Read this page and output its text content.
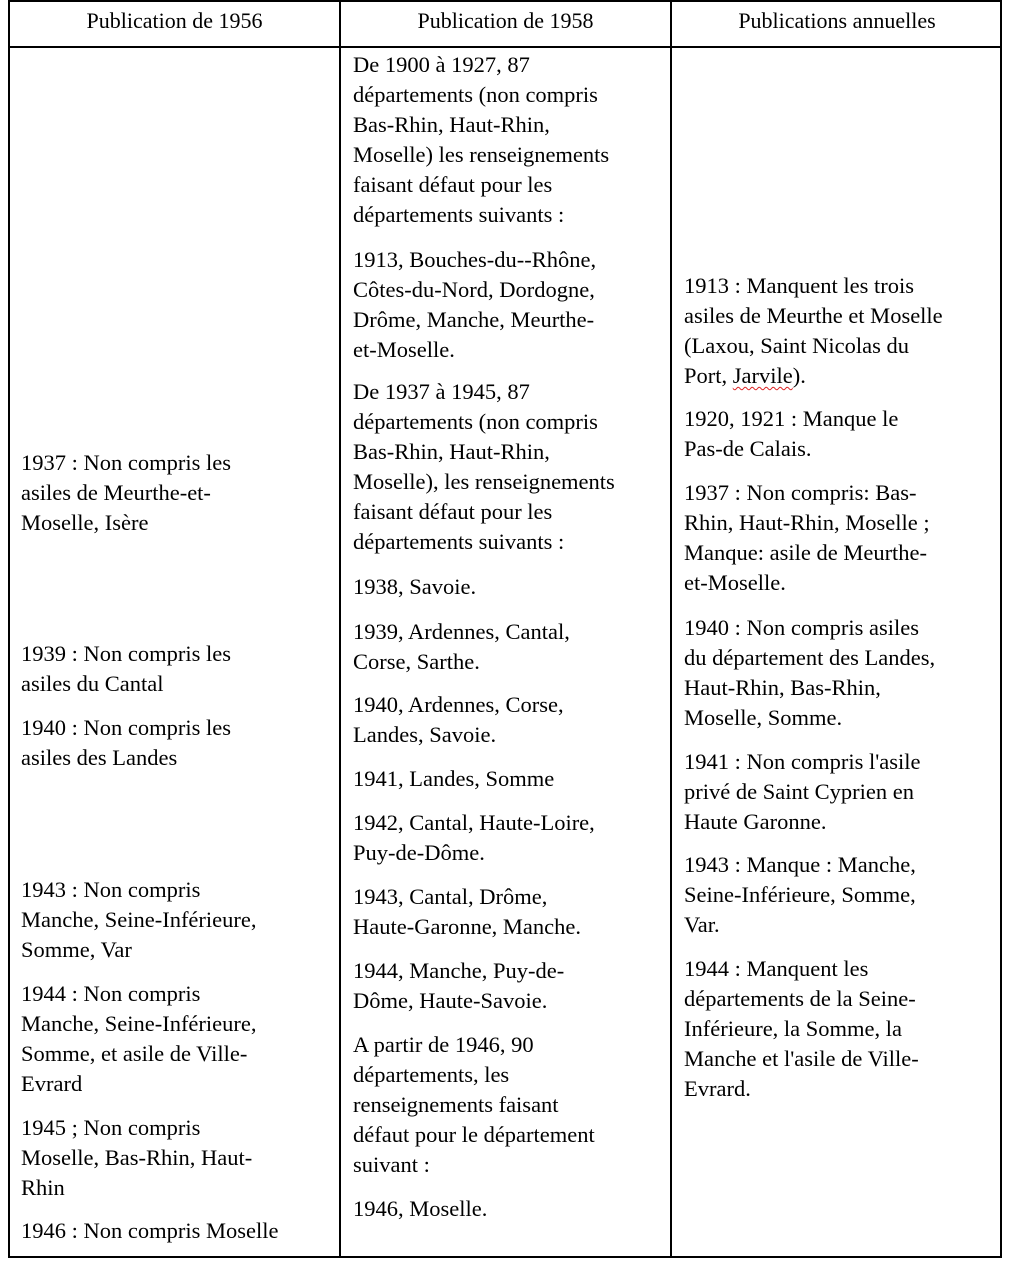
Publication de 1956	Publication de 1958	Publications annuelles
1937 : Non compris les
asiles de Meurthe-et-
Moselle, Isère
1939 : Non compris les
asiles du Cantal
1940 : Non compris les
asiles des Landes
1943 : Non compris
Manche, Seine-Inférieure,
Somme, Var
1944 : Non compris
Manche, Seine-Inférieure,
Somme, et asile de Ville-
Evrard
1945 ; Non compris
Moselle, Bas-Rhin, Haut-
Rhin
1946 : Non compris Moselle
De 1900 à 1927, 87
départements (non compris
Bas-Rhin, Haut-Rhin,
Moselle) les renseignements
faisant défaut pour les
départements suivants :
1913, Bouches-du--Rhône,
Côtes-du-Nord, Dordogne,
Drôme, Manche, Meurthe-
et-Moselle.
De 1937 à 1945, 87
départements (non compris
Bas-Rhin, Haut-Rhin,
Moselle), les renseignements
faisant défaut pour les
départements suivants :
1938, Savoie.
1939, Ardennes, Cantal,
Corse, Sarthe.
1940, Ardennes, Corse,
Landes, Savoie.
1941, Landes, Somme
1942, Cantal, Haute-Loire,
Puy-de-Dôme.
1943, Cantal, Drôme,
Haute-Garonne, Manche.
1944, Manche, Puy-de-
Dôme, Haute-Savoie.
A partir de 1946, 90
départements, les
renseignements faisant
défaut pour le département
suivant :
1946, Moselle.
1913 : Manquent les trois
asiles de Meurthe et Moselle
(Laxou, Saint Nicolas du
Port, Jarvile).
1920, 1921 : Manque le
Pas-de Calais.
1937 : Non compris: Bas-
Rhin, Haut-Rhin, Moselle ;
Manque: asile de Meurthe-
et-Moselle.
1940 : Non compris asiles
du département des Landes,
Haut-Rhin, Bas-Rhin,
Moselle, Somme.
1941 : Non compris l'asile
privé de Saint Cyprien en
Haute Garonne.
1943 : Manque : Manche,
Seine-Inférieure, Somme,
Var.
1944 : Manquent les
départements de la Seine-
Inférieure, la Somme, la
Manche et l'asile de Ville-
Evrard.
